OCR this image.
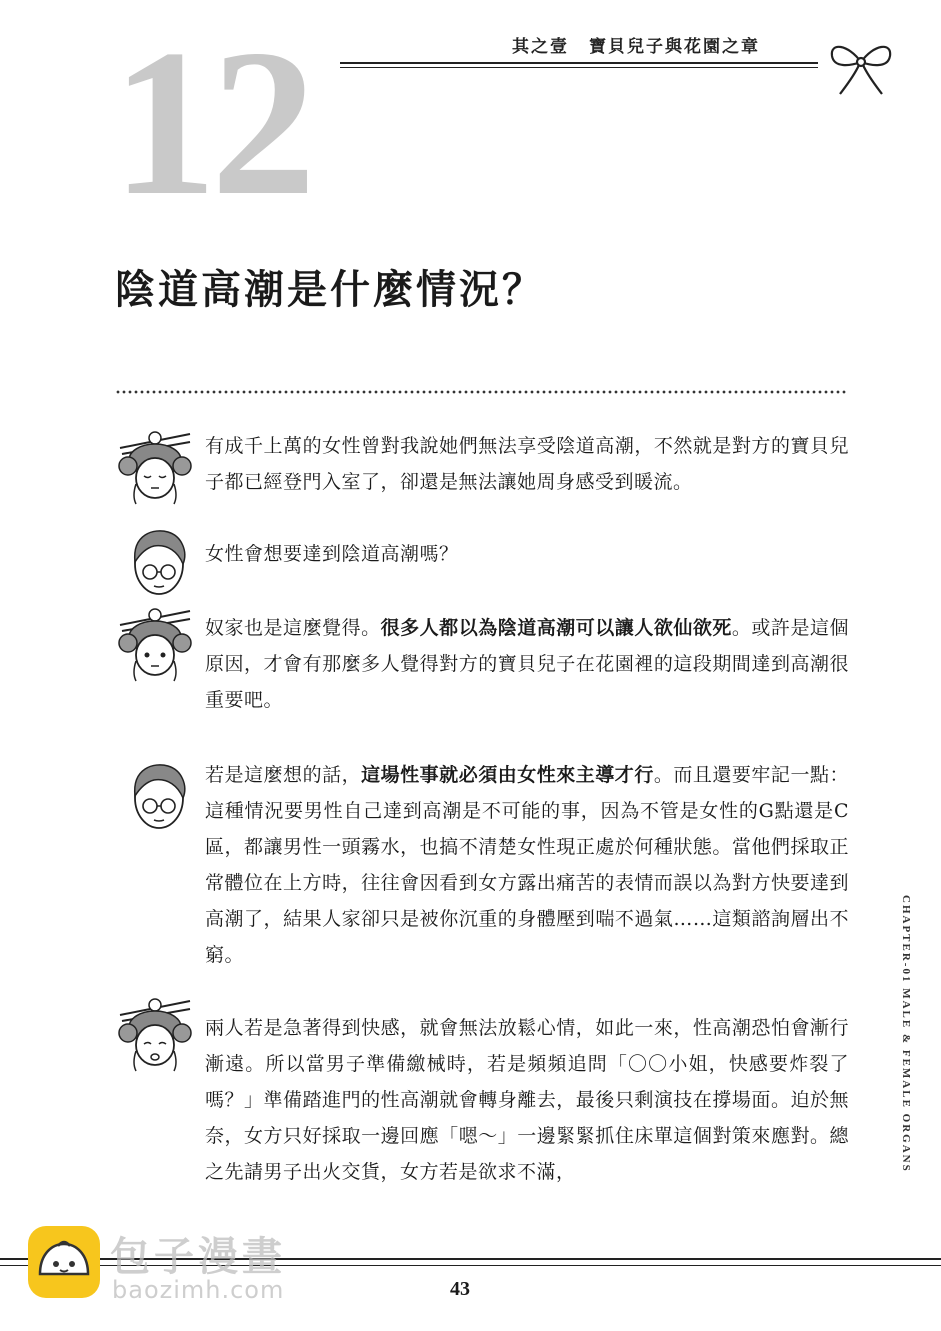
12	其之壹 寶貝兒子與花園之章
陰道高潮是什麼情況？
有成千上萬的女性曾對我說她們無法享受陰道高潮，不然就是對方的寶貝兒子都已經登門入室了，卻還是無法讓她周身感受到暖流。
女性會想要達到陰道高潮嗎？
奴家也是這麼覺得。很多人都以為陰道高潮可以讓人欲仙欲死。或許是這個原因，才會有那麼多人覺得對方的寶貝兒子在花園裡的這段期間達到高潮很重要吧。
若是這麼想的話，這場性事就必須由女性來主導才行。而且還要牢記一點：這種情況要男性自己達到高潮是不可能的事，因為不管是女性的G點還是C區，都讓男性一頭霧水，也搞不清楚女性現正處於何種狀態。當他們採取正常體位在上方時，往往會因看到女方露出痛苦的表情而誤以為對方快要達到高潮了，結果人家卻只是被你沉重的身體壓到喘不過氣……這類諮詢層出不窮。
兩人若是急著得到快感，就會無法放鬆心情，如此一來，性高潮恐怕會漸行漸遠。所以當男子準備繳械時，若是頻頻追問「〇〇小姐，快感要炸裂了嗎？」準備踏進門的性高潮就會轉身離去，最後只剩演技在撐場面。迫於無奈，女方只好採取一邊回應「嗯～」一邊緊緊抓住床單這個對策來應對。總之先請男子出火交貨，女方若是欲求不滿，	CHAPTER-01 MALE & FEMALE ORGANS
43
包子漫畫
baozimh.com
